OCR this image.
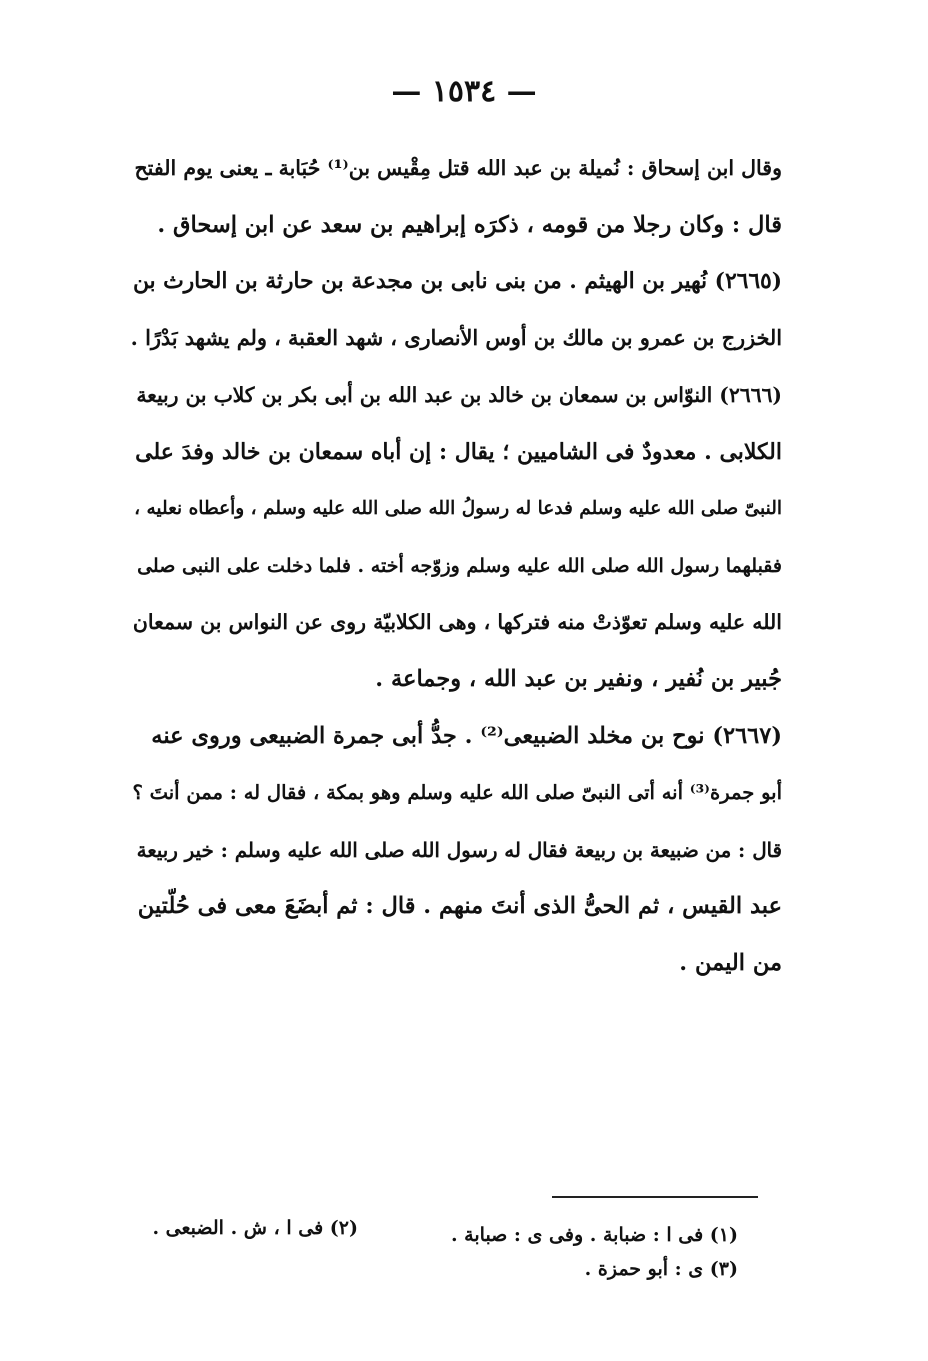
— ١٥٣٤ —

وقال ابن إسحاق : نُميلة بن عبد الله قتل مِقْيس بن⁽¹⁾ حُبَابة ـ يعنى يوم الفتح

قال : وكان رجلا من قومه ، ذكرَه إبراهيم بن سعد عن ابن إسحاق .

(٢٦٦٥) نُهير بن الهيثم . من بنى نابى بن مجدعة بن حارثة بن الحارث بن

الخزرج بن عمرو بن مالك بن أوس الأنصارى ، شهد العقبة ، ولم يشهد بَدْرًا .

(٢٦٦٦) النوّاس بن سمعان بن خالد بن عبد الله بن أبى بكر بن كلاب بن ربيعة

الكلابى . معدودٌ فى الشاميين ؛ يقال : إن أباه سمعان بن خالد وفدَ على

النبىّ صلى الله عليه وسلم فدعا له رسولُ الله صلى الله عليه وسلم ، وأعطاه نعليه ،

فقبلهما رسول الله صلى الله عليه وسلم وزوّجه أخته . فلما دخلت على النبى صلى

الله عليه وسلم تعوّذتْ منه فتركها ، وهى الكلابيّة روى عن النواس بن سمعان

جُبير بن نُفير ، ونفير بن عبد الله ، وجماعة .

(٢٦٦٧) نوح بن مخلد الضبيعى⁽²⁾ . جدُّ أبى جمرة الضبيعى وروى عنه

أبو جمرة⁽³⁾ أنه أتى النبىّ صلى الله عليه وسلم وهو بمكة ، فقال له : ممن أنتَ ؟

قال : من ضبيعة بن ربيعة فقال له رسول الله صلى الله عليه وسلم : خير ربيعة

عبد القيس ، ثم الحىُّ الذى أنتَ منهم . قال : ثم أبضَعَ معى فى حُلّتين

من اليمن .

(١) فى ا : ضبابة . وفى ى : صبابة .
(٢) فى ا ، ش . الضبعى .
(٣) ى : أبو حمزة .
